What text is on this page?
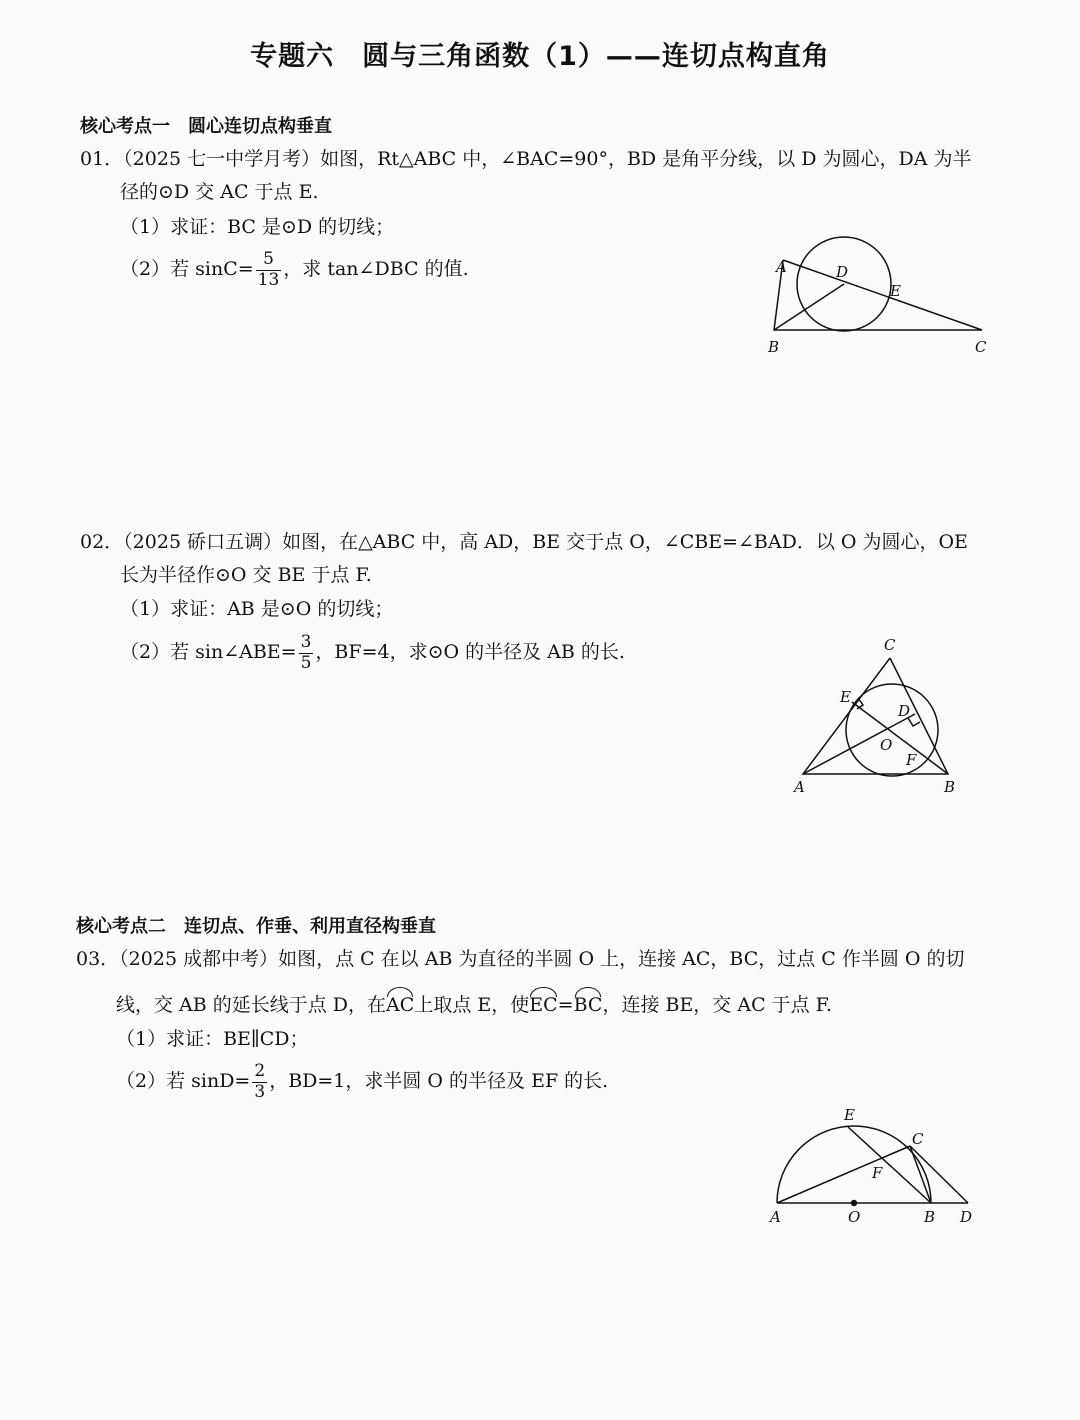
专题六　圆与三角函数（1）——连切点构直角
核心考点一　圆心连切点构垂直
01．（2025 七一中学月考）如图，Rt△ABC 中，∠BAC=90°，BD 是角平分线，以 D 为圆心，DA 为半
径的⊙D 交 AC 于点 E.
（1）求证：BC 是⊙D 的切线；
（2）若 $\sin C= \frac{5}{13}$ ，求 tan∠DBC 的值.	A	D
E
B	C
02．（2025 硚口五调）如图，在△ABC 中，高 AD，BE 交于点 O，∠CBE=∠BAD．以 O 为圆心，OE
长为半径作⊙O 交 BE 于点 F.
（1）求证：AB 是⊙O 的切线；
（2）若 sin∠ABE= $\frac{3}{5}$ ，BF=4，求⊙O 的半径及 AB 的长.	C
E
D
O
F
A	B
核心考点二　连切点、作垂、利用直径构垂直
03．（2025 成都中考）如图，点 C 在以 AB 为直径的半圆 O 上，连接 AC，BC，过点 C 作半圆 O 的切
线，交 AB 的延长线于点 D，在AC上取点 E，使EC=BC，连接 BE，交 AC 于点 F.
（1）求证：BE∥CD；
（2）若 $\sin D= \frac{2}{3}$ ，BD=1，求半圆 O 的半径及 EF 的长.
E
C
F
A	O	B D
